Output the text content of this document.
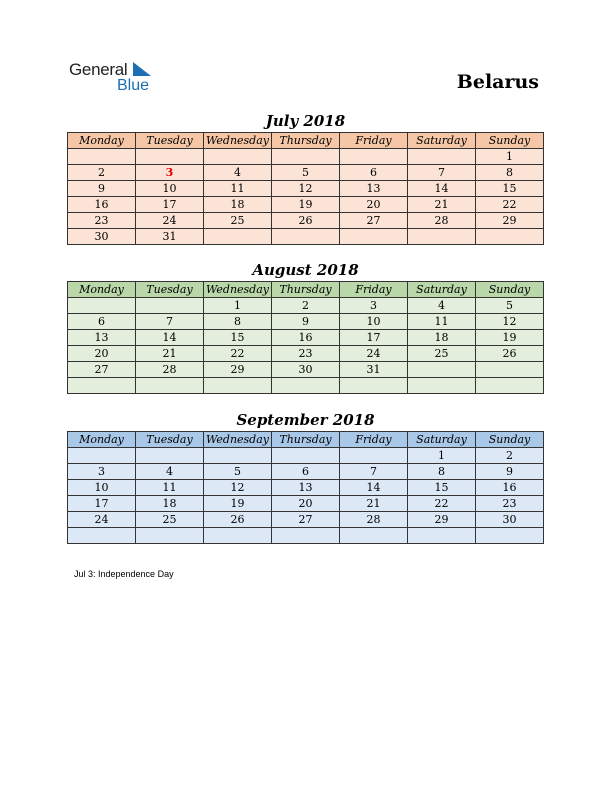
General
Blue	Belarus
July 2018
Monday	Tuesday	Wednesday	Thursday	Friday	Saturday	Sunday
						1
2	3	4	5	6	7	8
9	10	11	12	13	14	15
16	17	18	19	20	21	22
23	24	25	26	27	28	29
30	31					
August 2018
Monday	Tuesday	Wednesday	Thursday	Friday	Saturday	Sunday
		1	2	3	4	5
6	7	8	9	10	11	12
13	14	15	16	17	18	19
20	21	22	23	24	25	26
27	28	29	30	31		

September 2018
Monday	Tuesday	Wednesday	Thursday	Friday	Saturday	Sunday
					1	2
3	4	5	6	7	8	9
10	11	12	13	14	15	16
17	18	19	20	21	22	23
24	25	26	27	28	29	30

Jul 3: Independence Day
